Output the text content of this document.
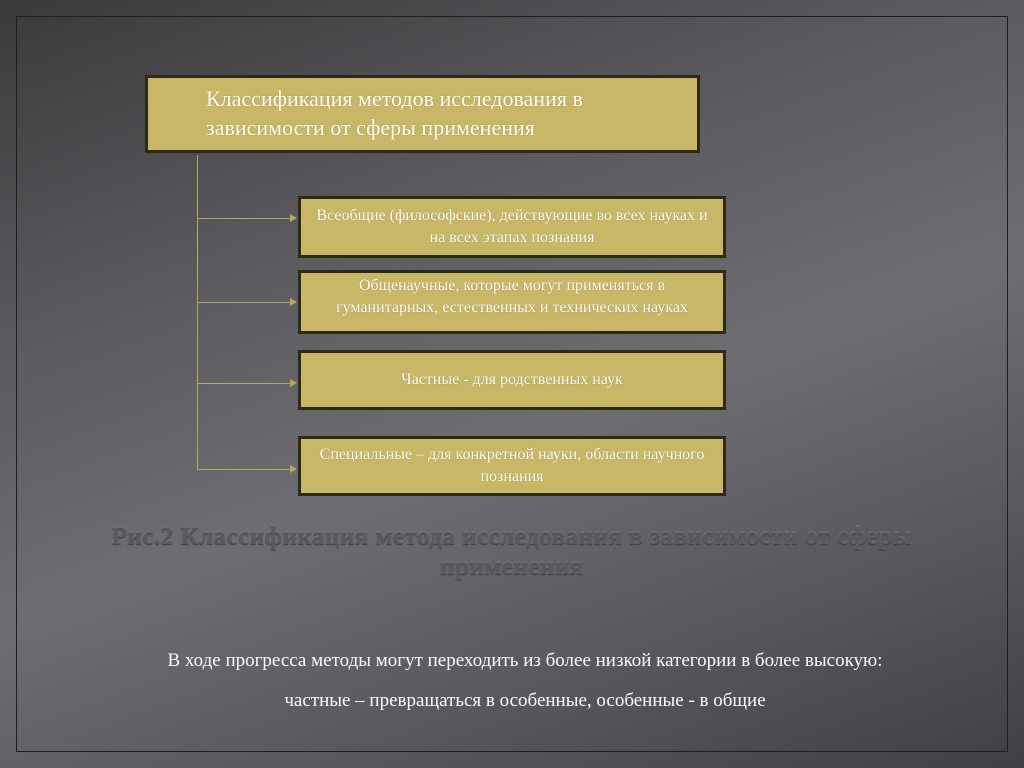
Классификация методов исследования в зависимости от сферы применения
Всеобщие (философские), действующие во всех науках и на всех этапах познания
Общенаучные, которые могут применяться в гуманитарных, естественных и технических науках
Частные - для родственных наук
Специальные – для конкретной науки, области научного познания
Рис.2 Классификация метода исследования в зависимости от сферы применения
В ходе прогресса методы могут переходить из более низкой категории в более высокую:
частные – превращаться в особенные, особенные - в общие
